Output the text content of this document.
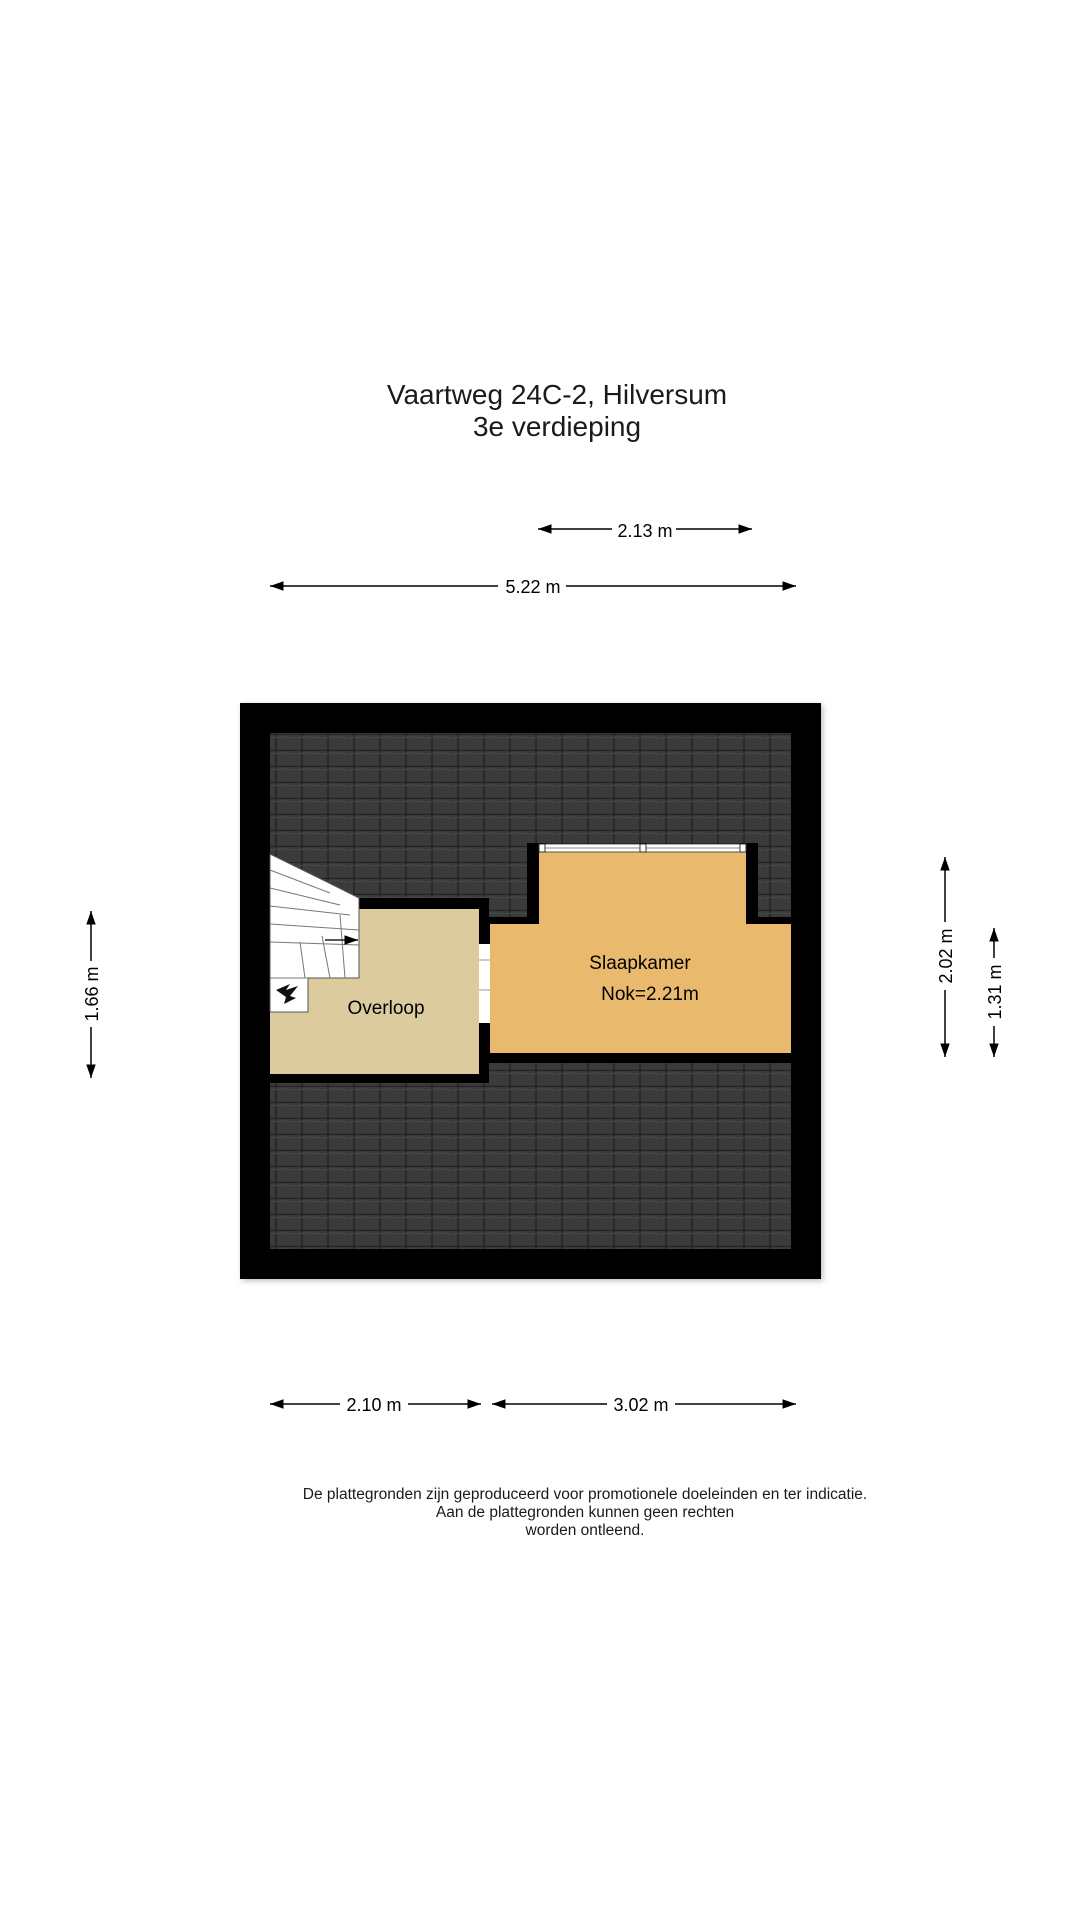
Vaartweg 24C-2, Hilversum
3e verdieping
2.13 m
5.22 m
1.66 m
2.02 m
1.31 m
2.10 m	3.02 m
Slaapkamer
Nok=2.21m
Overloop
De plattegronden zijn geproduceerd voor promotionele doeleinden en ter indicatie.
Aan de plattegronden kunnen geen rechten
worden ontleend.
